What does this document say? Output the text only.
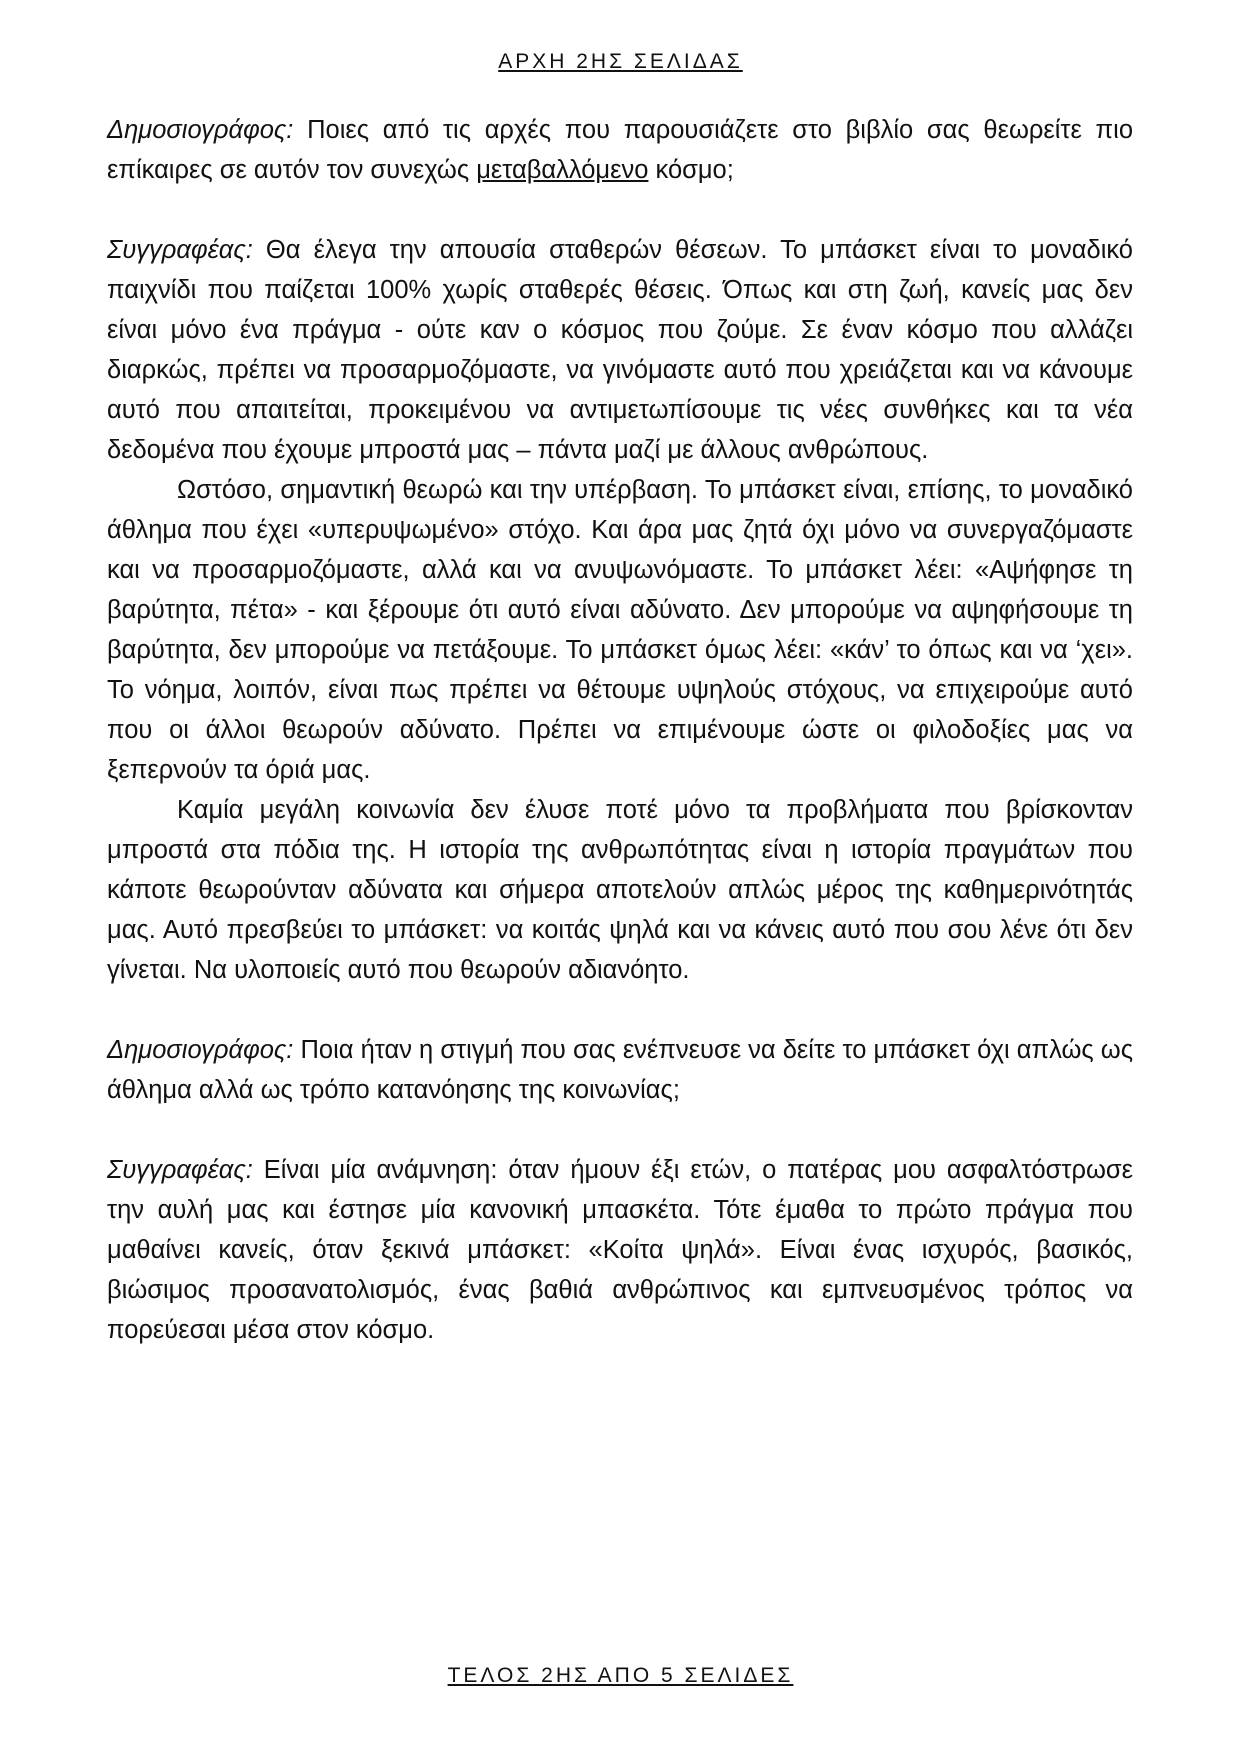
ΑΡΧΗ 2ΗΣ ΣΕΛΙΔΑΣ

Δημοσιογράφος: Ποιες από τις αρχές που παρουσιάζετε στο βιβλίο σας θεωρείτε πιο επίκαιρες σε αυτόν τον συνεχώς μεταβαλλόμενο κόσμο;

Συγγραφέας: Θα έλεγα την απουσία σταθερών θέσεων. Το μπάσκετ είναι το μοναδικό παιχνίδι που παίζεται 100% χωρίς σταθερές θέσεις. Όπως και στη ζωή, κανείς μας δεν είναι μόνο ένα πράγμα - ούτε καν ο κόσμος που ζούμε. Σε έναν κόσμο που αλλάζει διαρκώς, πρέπει να προσαρμοζόμαστε, να γινόμαστε αυτό που χρειάζεται και να κάνουμε αυτό που απαιτείται, προκειμένου να αντιμετωπίσουμε τις νέες συνθήκες και τα νέα δεδομένα που έχουμε μπροστά μας – πάντα μαζί με άλλους ανθρώπους.

Ωστόσο, σημαντική θεωρώ και την υπέρβαση. Το μπάσκετ είναι, επίσης, το μοναδικό άθλημα που έχει «υπερυψωμένο» στόχο. Και άρα μας ζητά όχι μόνο να συνεργαζόμαστε και να προσαρμοζόμαστε, αλλά και να ανυψωνόμαστε. Το μπάσκετ λέει: «Αψήφησε τη βαρύτητα, πέτα» - και ξέρουμε ότι αυτό είναι αδύνατο. Δεν μπορούμε να αψηφήσουμε τη βαρύτητα, δεν μπορούμε να πετάξουμε. Το μπάσκετ όμως λέει: «κάν’ το όπως και να ‘χει». Το νόημα, λοιπόν, είναι πως πρέπει να θέτουμε υψηλούς στόχους, να επιχειρούμε αυτό που οι άλλοι θεωρούν αδύνατο. Πρέπει να επιμένουμε ώστε οι φιλοδοξίες μας να ξεπερνούν τα όριά μας.

Καμία μεγάλη κοινωνία δεν έλυσε ποτέ μόνο τα προβλήματα που βρίσκονταν μπροστά στα πόδια της. Η ιστορία της ανθρωπότητας είναι η ιστορία πραγμάτων που κάποτε θεωρούνταν αδύνατα και σήμερα αποτελούν απλώς μέρος της καθημερινότητάς μας. Αυτό πρεσβεύει το μπάσκετ: να κοιτάς ψηλά και να κάνεις αυτό που σου λένε ότι δεν γίνεται. Να υλοποιείς αυτό που θεωρούν αδιανόητο.

Δημοσιογράφος: Ποια ήταν η στιγμή που σας ενέπνευσε να δείτε το μπάσκετ όχι απλώς ως άθλημα αλλά ως τρόπο κατανόησης της κοινωνίας;

Συγγραφέας: Είναι μία ανάμνηση: όταν ήμουν έξι ετών, ο πατέρας μου ασφαλτόστρωσε την αυλή μας και έστησε μία κανονική μπασκέτα. Τότε έμαθα το πρώτο πράγμα που μαθαίνει κανείς, όταν ξεκινά μπάσκετ: «Κοίτα ψηλά». Είναι ένας ισχυρός, βασικός, βιώσιμος προσανατολισμός, ένας βαθιά ανθρώπινος και εμπνευσμένος τρόπος να πορεύεσαι μέσα στον κόσμο.

ΤΕΛΟΣ 2ΗΣ ΑΠΟ 5 ΣΕΛΙΔΕΣ
